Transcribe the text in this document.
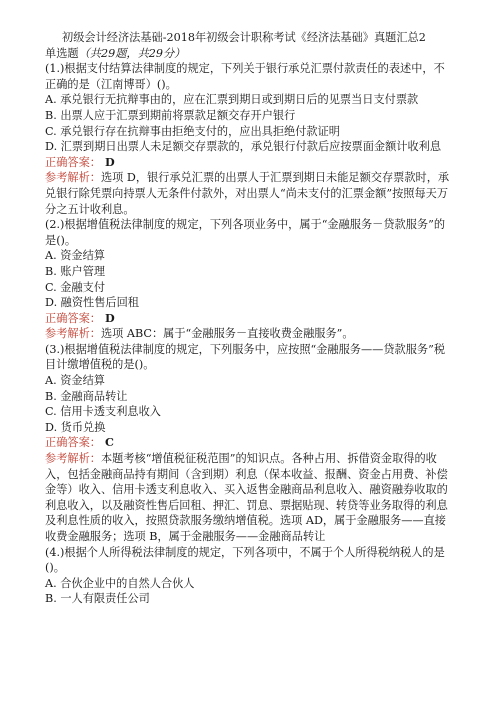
初级会计经济法基础-2018年初级会计职称考试《经济法基础》真题汇总2

单选题（共29题，共29分）

(1.)根据支付结算法律制度的规定，下列关于银行承兑汇票付款责任的表述中，不正确的是（江南博哥）()。

A. 承兑银行无抗辩事由的，应在汇票到期日或到期日后的见票当日支付票款

B. 出票人应于汇票到期前将票款足额交存开户银行

C. 承兑银行存在抗辩事由拒绝支付的，应出具拒绝付款证明

D. 汇票到期日出票人未足额交存票款的，承兑银行付款后应按票面金额计收利息

正确答案： D

参考解析：选项 D，银行承兑汇票的出票人于汇票到期日未能足额交存票款时，承兑银行除凭票向持票人无条件付款外，对出票人“尚未支付的汇票金额”按照每天万分之五计收利息。

(2.)根据增值税法律制度的规定，下列各项业务中，属于“金融服务－贷款服务”的是()。

A. 资金结算

B. 账户管理

C. 金融支付

D. 融资性售后回租

正确答案： D

参考解析：选项 ABC：属于“金融服务－直接收费金融服务”。

(3.)根据增值税法律制度的规定，下列服务中，应按照“金融服务——贷款服务”税目计缴增值税的是()。

A. 资金结算

B. 金融商品转让

C. 信用卡透支利息收入

D. 货币兑换

正确答案： C

参考解析：本题考核“增值税征税范围”的知识点。各种占用、拆借资金取得的收入，包括金融商品持有期间（含到期）利息（保本收益、报酬、资金占用费、补偿金等）收入、信用卡透支利息收入、买入返售金融商品利息收入、融资融券收取的利息收入，以及融资性售后回租、押汇、罚息、票据贴现、转贷等业务取得的利息及利息性质的收入，按照贷款服务缴纳增值税。选项 AD，属于金融服务——直接收费金融服务；选项 B，属于金融服务——金融商品转让

(4.)根据个人所得税法律制度的规定，下列各项中，不属于个人所得税纳税人的是()。

A. 合伙企业中的自然人合伙人

B. 一人有限责任公司
